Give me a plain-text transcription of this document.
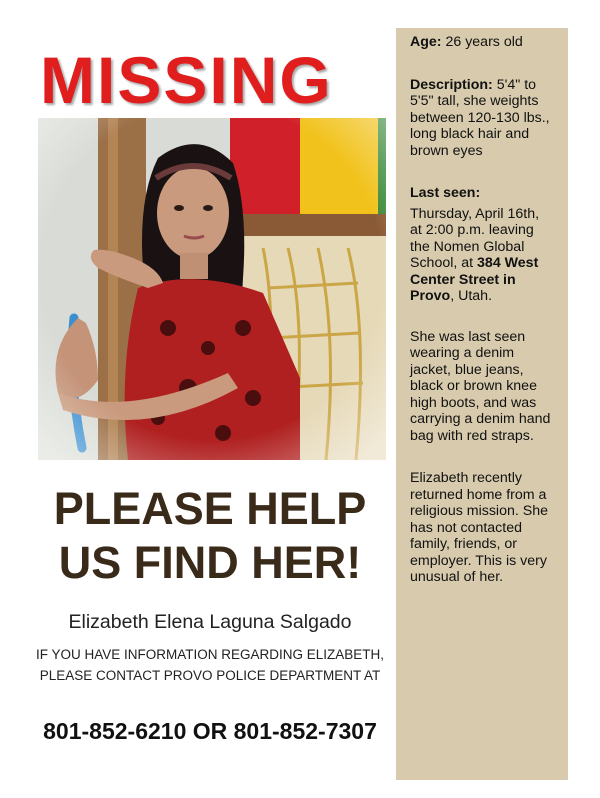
MISSING

PLEASE HELP

US FIND HER!

Elizabeth Elena Laguna Salgado
IF YOU HAVE INFORMATION REGARDING ELIZABETH, PLEASE CONTACT PROVO POLICE DEPARTMENT AT
801-852-6210 OR 801-852-7307

Age: 26 years old

Description: 5'4" to 5'5" tall, she weights between 120-130 lbs., long black hair and brown eyes

Last seen:

Thursday, April 16th, at 2:00 p.m. leaving the Nomen Global School, at 384 West Center Street in Provo, Utah.

She was last seen wearing a denim jacket, blue jeans, black or brown knee high boots, and was carrying a denim hand bag with red straps.

Elizabeth recently returned home from a religious mission. She has not contacted family, friends, or employer. This is very unusual of her.
